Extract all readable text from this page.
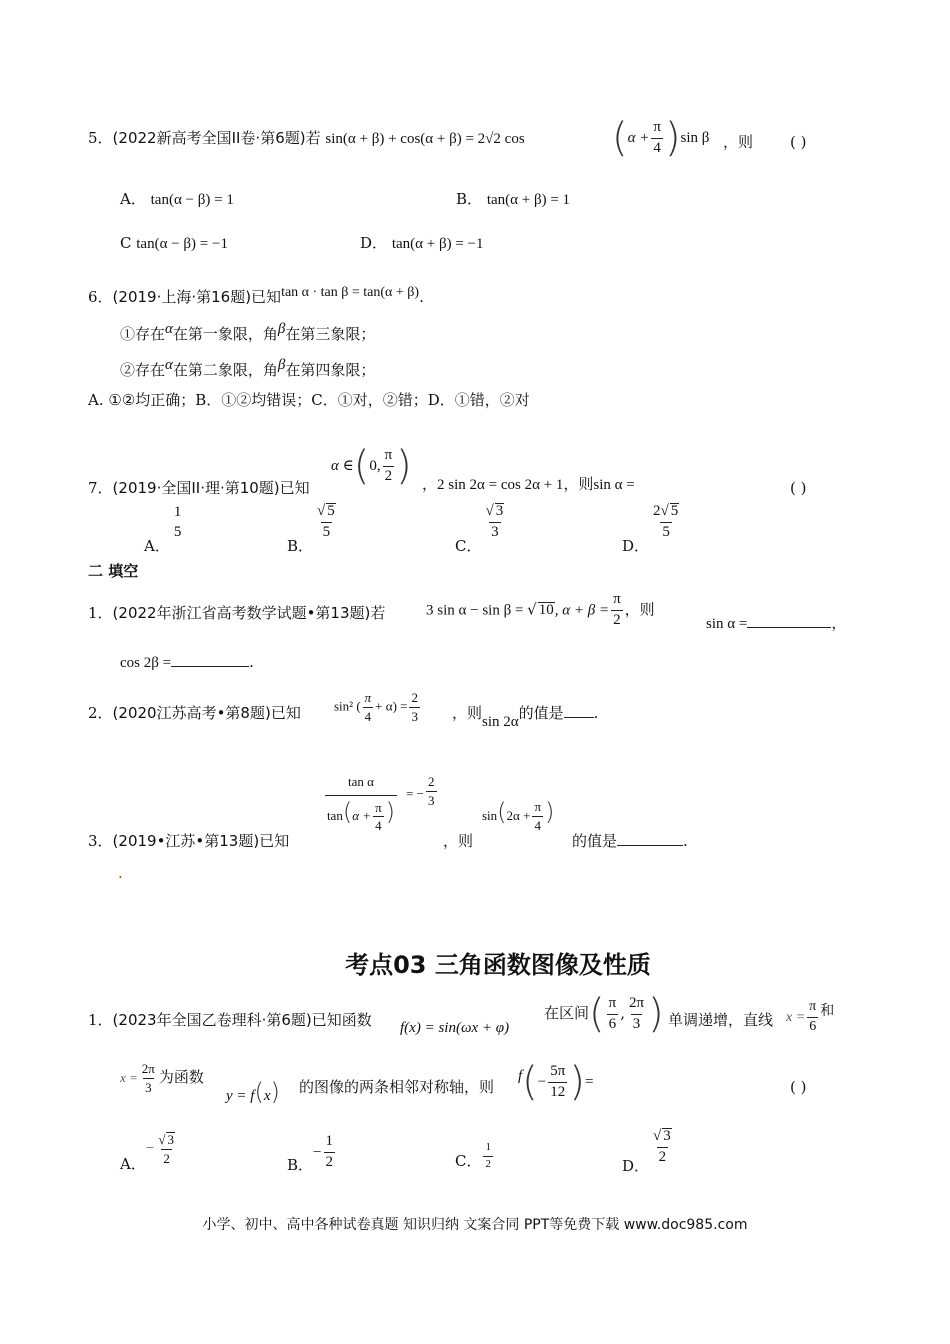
5．(2022新高考全国II卷·第6题)若 sin(α + β) + cos(α + β) = 2√2 $\cos (\alpha + \frac{\pi}{4} )\sin$ β ，则 ( )
A． tan(α − β) = 1	B． tan(α + β) = 1
C tan(α − β) = −1	D． tan(α + β) = −1
6．(2019·上海·第16题)已知tan α · tan β = tan(α + β).
①存在α在第一象限，角β在第三象限；
②存在α在第二象限，角β在第四象限；
A. ①②均正确；B．①②均错误；C．①对，②错；D．①错，②对
α ∈(0, $\frac{\pi}{2}$ )
7．(2019·全国II·理·第10题)已知	，2 sin 2α = cos 2α + 1，则sin α =	( )
A．
1
5
B．
$\frac{√ 5}{5}$
C．
$\frac{√ 3}{3}$
D．
$\frac{2√ 5}{5}$
二 填空
1．(2022年浙江省高考数学试题•第13题)若	3 sin α − sin β = √ 10, $\alpha + \beta = \frac{\pi}{2}$ ，则
sin α =	，
cos 2β =	.
2．(2020江苏高考•第8题)已知	sin² ( $\frac{\pi}{4} + \alpha) = \frac{2}{3}$ ，则sin 2α的值是 .
$\frac{\text{tan α}}{\tan(\alpha + \frac{\pi}{4} )}$ = − $\frac{2}{3}$
3．(2019•江苏•第13题)已知	，则
$\sin(2\alpha + \frac{\pi}{4}$ )
的值是	.
.
考点03 三角函数图像及性质
1．(2023年全国乙卷理科·第6题)已知函数 f(x) = sin(ωx + φ)
在区间( $\frac{\pi}{6}$ , $\frac{2\pi}{3}$ ) 单调递增，直线 $x = \frac{\pi}{6}$ 和
$x = \frac{2\pi}{3}$ 为函数
y = f(x) 的图像的两条相邻对称轴，则
$f(- \frac{5\pi}{12}$ )=	( )
A．− $\frac{√ 3}{2}$	B．− $\frac{1}{2}$	C． $\frac{1}{2}$	D．
$\frac{√ 3}{2}$
小学、初中、高中各种试卷真题 知识归纳 文案合同 PPT等免费下载 www.doc985.com
